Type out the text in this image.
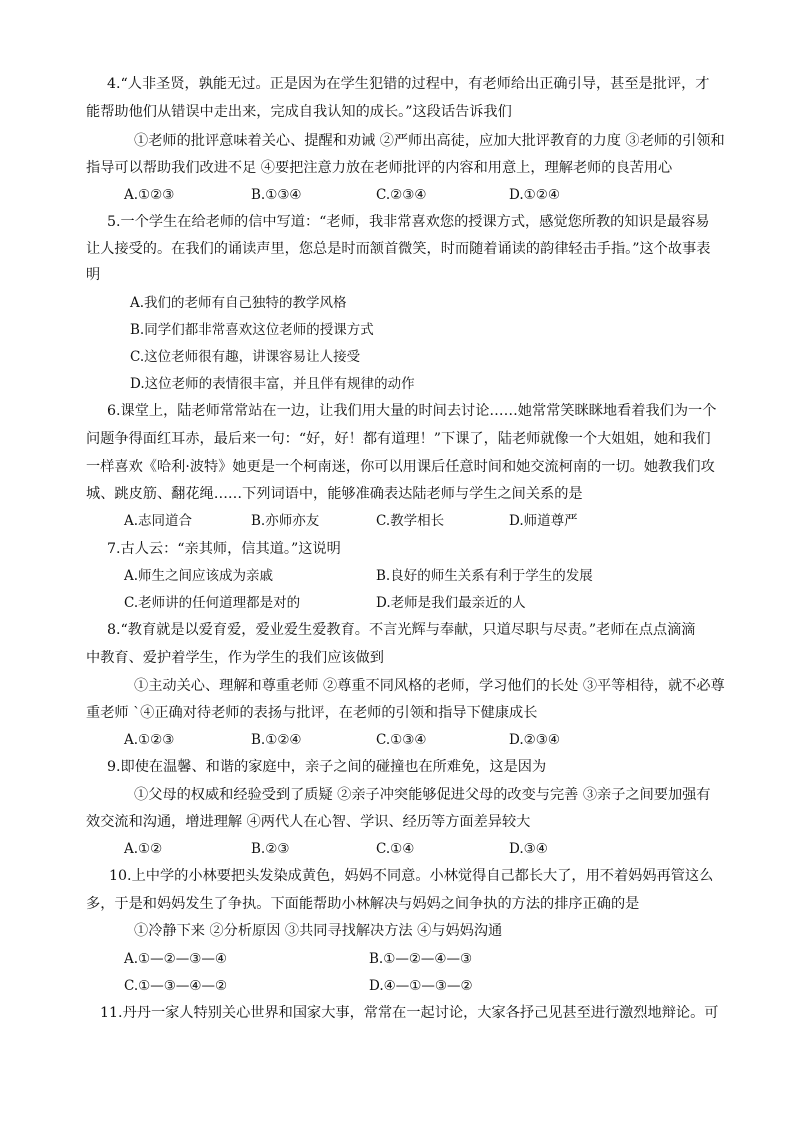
4.“人非圣贤，孰能无过。正是因为在学生犯错的过程中，有老师给出正确引导，甚至是批评，才
能帮助他们从错误中走出来，完成自我认知的成长。”这段话告诉我们
①老师的批评意味着关心、提醒和劝诫 ②严师出高徒，应加大批评教育的力度 ③老师的引领和
指导可以帮助我们改进不足 ④要把注意力放在老师批评的内容和用意上，理解老师的良苦用心
A.①②③	B.①③④	C.②③④	D.①②④
5.一个学生在给老师的信中写道：“老师，我非常喜欢您的授课方式，感觉您所教的知识是最容易
让人接受的。在我们的诵读声里，您总是时而颔首微笑，时而随着诵读的韵律轻击手指。”这个故事表
明
A.我们的老师有自己独特的教学风格
B.同学们都非常喜欢这位老师的授课方式
C.这位老师很有趣，讲课容易让人接受
D.这位老师的表情很丰富，并且伴有规律的动作
6.课堂上，陆老师常常站在一边，让我们用大量的时间去讨论……她常常笑眯眯地看着我们为一个
问题争得面红耳赤，最后来一句：“好，好！都有道理！”下课了，陆老师就像一个大姐姐，她和我们
一样喜欢《哈利·波特》她更是一个柯南迷，你可以用课后任意时间和她交流柯南的一切。她教我们攻
城、跳皮筋、翻花绳……下列词语中，能够准确表达陆老师与学生之间关系的是
A.志同道合	B.亦师亦友	C.教学相长	D.师道尊严
7.古人云：“亲其师，信其道。”这说明
A.师生之间应该成为亲戚	B.良好的师生关系有利于学生的发展
C.老师讲的任何道理都是对的	D.老师是我们最亲近的人
8.“教育就是以爱育爱，爱业爱生爱教育。不言光辉与奉献，只道尽职与尽责。”老师在点点滴滴
中教育、爱护着学生，作为学生的我们应该做到
①主动关心、理解和尊重老师 ②尊重不同风格的老师，学习他们的长处 ③平等相待，就不必尊
重老师 `④正确对待老师的表扬与批评，在老师的引领和指导下健康成长
A.①②③	B.①②④	C.①③④	D.②③④
9.即使在温馨、和谐的家庭中，亲子之间的碰撞也在所难免，这是因为
①父母的权威和经验受到了质疑 ②亲子冲突能够促进父母的改变与完善 ③亲子之间要加强有
效交流和沟通，增进理解 ④两代人在心智、学识、经历等方面差异较大
A.①②	B.②③	C.①④	D.③④
10.上中学的小林要把头发染成黄色，妈妈不同意。小林觉得自己都长大了，用不着妈妈再管这么
多，于是和妈妈发生了争执。下面能帮助小林解决与妈妈之间争执的方法的排序正确的是
①冷静下来 ②分析原因 ③共同寻找解决方法 ④与妈妈沟通
A.①—②—③—④	B.①—②—④—③
C.①—③—④—②	D.④—①—③—②
11.丹丹一家人特别关心世界和国家大事，常常在一起讨论，大家各抒己见甚至进行激烈地辩论。可
